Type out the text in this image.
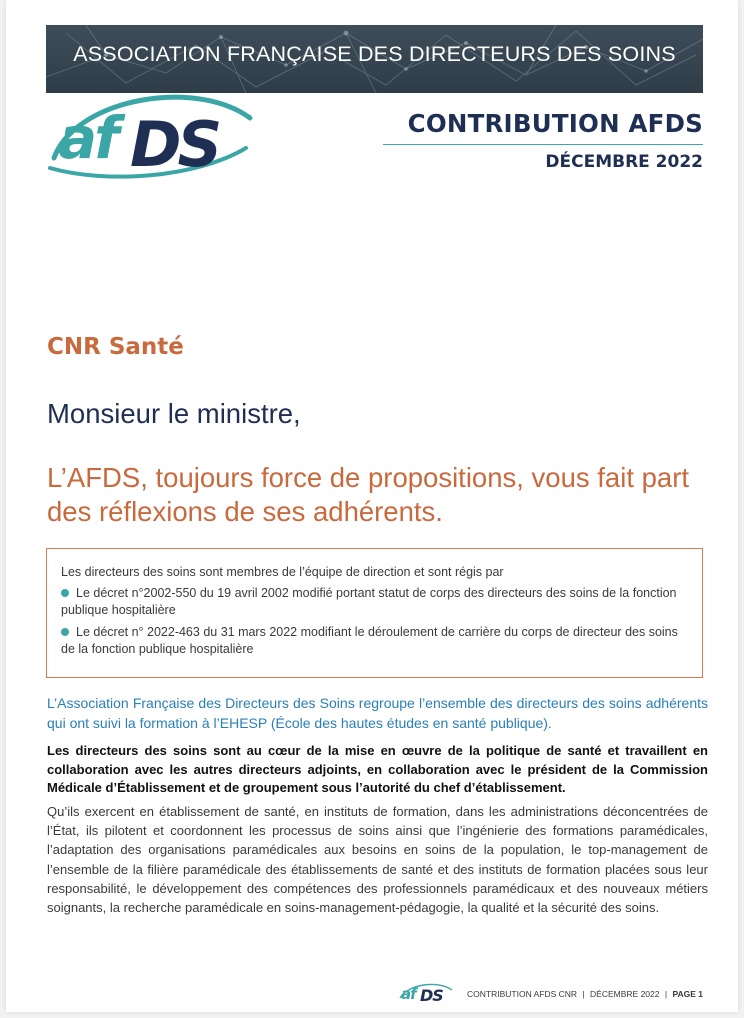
ASSOCIATION FRANÇAISE DES DIRECTEURS DES SOINS
af DS	CONTRIBUTION AFDS
DÉCEMBRE 2022
CNR Santé
Monsieur le ministre,
L’AFDS, toujours force de propositions, vous fait part des réflexions de ses adhérents.

Les directeurs des soins sont membres de l’équipe de direction et sont régis par

Le décret n°2002-550 du 19 avril 2002 modifié portant statut de corps des directeurs des soins de la fonction publique hospitalière
Le décret n° 2022-463 du 31 mars 2022 modifiant le déroulement de carrière du corps de directeur des soins de la fonction publique hospitalière
L’Association Française des Directeurs des Soins regroupe l’ensemble des directeurs des soins adhérents qui ont suivi la formation à l’EHESP (École des hautes études en santé publique).
Les directeurs des soins sont au cœur de la mise en œuvre de la politique de santé et travaillent en collaboration avec les autres directeurs adjoints, en collaboration avec le président de la Commission Médicale d’Établissement et de groupement sous l’autorité du chef d’établissement.
Qu’ils exercent en établissement de santé, en instituts de formation, dans les administrations déconcentrées de l’État, ils pilotent et coordonnent les processus de soins ainsi que l’ingénierie des formations paramédicales, l’adaptation des organisations paramédicales aux besoins en soins de la population, le top-management de l’ensemble de la filière paramédicale des établissements de santé et des instituts de formation placées sous leur responsabilité, le développement des compétences des professionnels paramédicaux et des nouveaux métiers soignants, la recherche paramédicale en soins-management-pédagogie, la qualité et la sécurité des soins.
af DS	CONTRIBUTION AFDS CNR | DÉCEMBRE 2022 | PAGE 1
